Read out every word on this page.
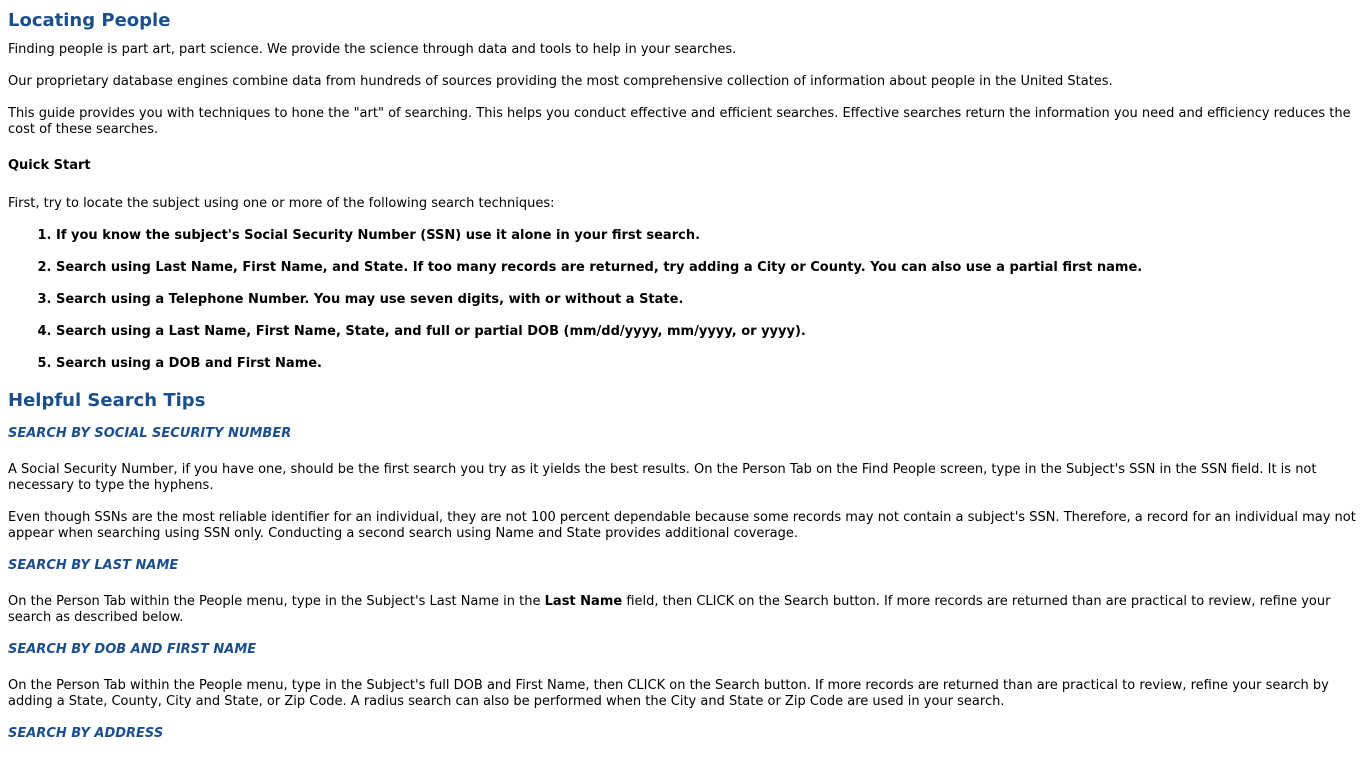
Locating People

Finding people is part art, part science. We provide the science through data and tools to help in your searches.

Our proprietary database engines combine data from hundreds of sources providing the most comprehensive collection of information about people in the United States.

This guide provides you with techniques to hone the "art" of searching. This helps you conduct effective and efficient searches. Effective searches return the information you need and efficiency reduces the cost of these searches.

Quick Start

First, try to locate the subject using one or more of the following search techniques:

1. If you know the subject's Social Security Number (SSN) use it alone in your first search.
2. Search using Last Name, First Name, and State. If too many records are returned, try adding a City or County. You can also use a partial first name.
3. Search using a Telephone Number. You may use seven digits, with or without a State.
4. Search using a Last Name, First Name, State, and full or partial DOB (mm/dd/yyyy, mm/yyyy, or yyyy).
5. Search using a DOB and First Name.
Helpful Search Tips
SEARCH BY SOCIAL SECURITY NUMBER

A Social Security Number, if you have one, should be the first search you try as it yields the best results. On the Person Tab on the Find People screen, type in the Subject's SSN in the SSN field. It is not necessary to type the hyphens.

Even though SSNs are the most reliable identifier for an individual, they are not 100 percent dependable because some records may not contain a subject's SSN. Therefore, a record for an individual may not appear when searching using SSN only. Conducting a second search using Name and State provides additional coverage.

SEARCH BY LAST NAME

On the Person Tab within the People menu, type in the Subject's Last Name in the Last Name field, then CLICK on the Search button. If more records are returned than are practical to review, refine your search as described below.

SEARCH BY DOB AND FIRST NAME

On the Person Tab within the People menu, type in the Subject's full DOB and First Name, then CLICK on the Search button. If more records are returned than are practical to review, refine your search by adding a State, County, City and State, or Zip Code. A radius search can also be performed when the City and State or Zip Code are used in your search.

SEARCH BY ADDRESS
